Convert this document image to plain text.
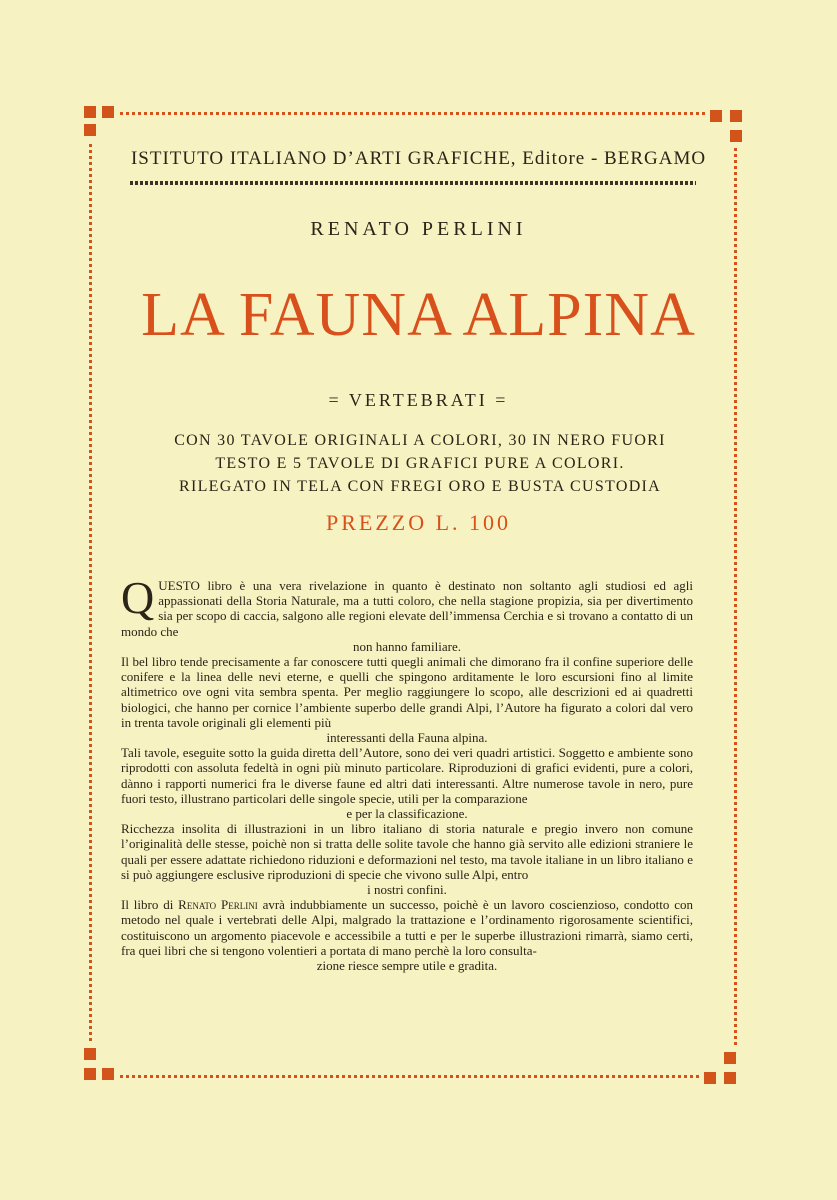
ISTITUTO ITALIANO D’ARTI GRAFICHE, Editore - BERGAMO
RENATO PERLINI
LA FAUNA ALPINA
= VERTEBRATI =
CON 30 TAVOLE ORIGINALI A COLORI, 30 IN NERO FUORI
TESTO E 5 TAVOLE DI GRAFICI PURE A COLORI.
RILEGATO IN TELA CON FREGI ORO E BUSTA CUSTODIA
PREZZO L. 100

QUESTO libro è una vera rivelazione in quanto è destinato non soltanto agli studiosi ed agli appassionati della Storia Naturale, ma a tutti coloro, che nella stagione propizia, sia per divertimento sia per scopo di caccia, salgono alle regioni elevate dell’immensa Cerchia e si trovano a contatto di un mondo che

non hanno familiare.

Il bel libro tende precisamente a far conoscere tutti quegli animali che dimorano fra il confine superiore delle conifere e la linea delle nevi eterne, e quelli che spingono arditamente le loro escursioni fino al limite altimetrico ove ogni vita sembra spenta. Per meglio raggiungere lo scopo, alle descrizioni ed ai quadretti biologici, che hanno per cornice l’ambiente superbo delle grandi Alpi, l’Autore ha figurato a colori dal vero in trenta tavole originali gli elementi più

interessanti della Fauna alpina.

Tali tavole, eseguite sotto la guida diretta dell’Autore, sono dei veri quadri artistici. Soggetto e ambiente sono riprodotti con assoluta fedeltà in ogni più minuto particolare. Riproduzioni di grafici evidenti, pure a colori, dànno i rapporti numerici fra le diverse faune ed altri dati interessanti. Altre numerose tavole in nero, pure fuori testo, illustrano particolari delle singole specie, utili per la comparazione

e per la classificazione.

Ricchezza insolita di illustrazioni in un libro italiano di storia naturale e pregio invero non comune l’originalità delle stesse, poichè non si tratta delle solite tavole che hanno già servito alle edizioni straniere le quali per essere adattate richiedono riduzioni e deformazioni nel testo, ma tavole italiane in un libro italiano e si può aggiungere esclusive riproduzioni di specie che vivono sulle Alpi, entro

i nostri confini.

Il libro di Renato Perlini avrà indubbiamente un successo, poichè è un lavoro coscienzioso, condotto con metodo nel quale i vertebrati delle Alpi, malgrado la trattazione e l’ordinamento rigorosamente scientifici, costituiscono un argomento piacevole e accessibile a tutti e per le superbe illustrazioni rimarrà, siamo certi, fra quei libri che si tengono volentieri a portata di mano perchè la loro consulta-

zione riesce sempre utile e gradita.
